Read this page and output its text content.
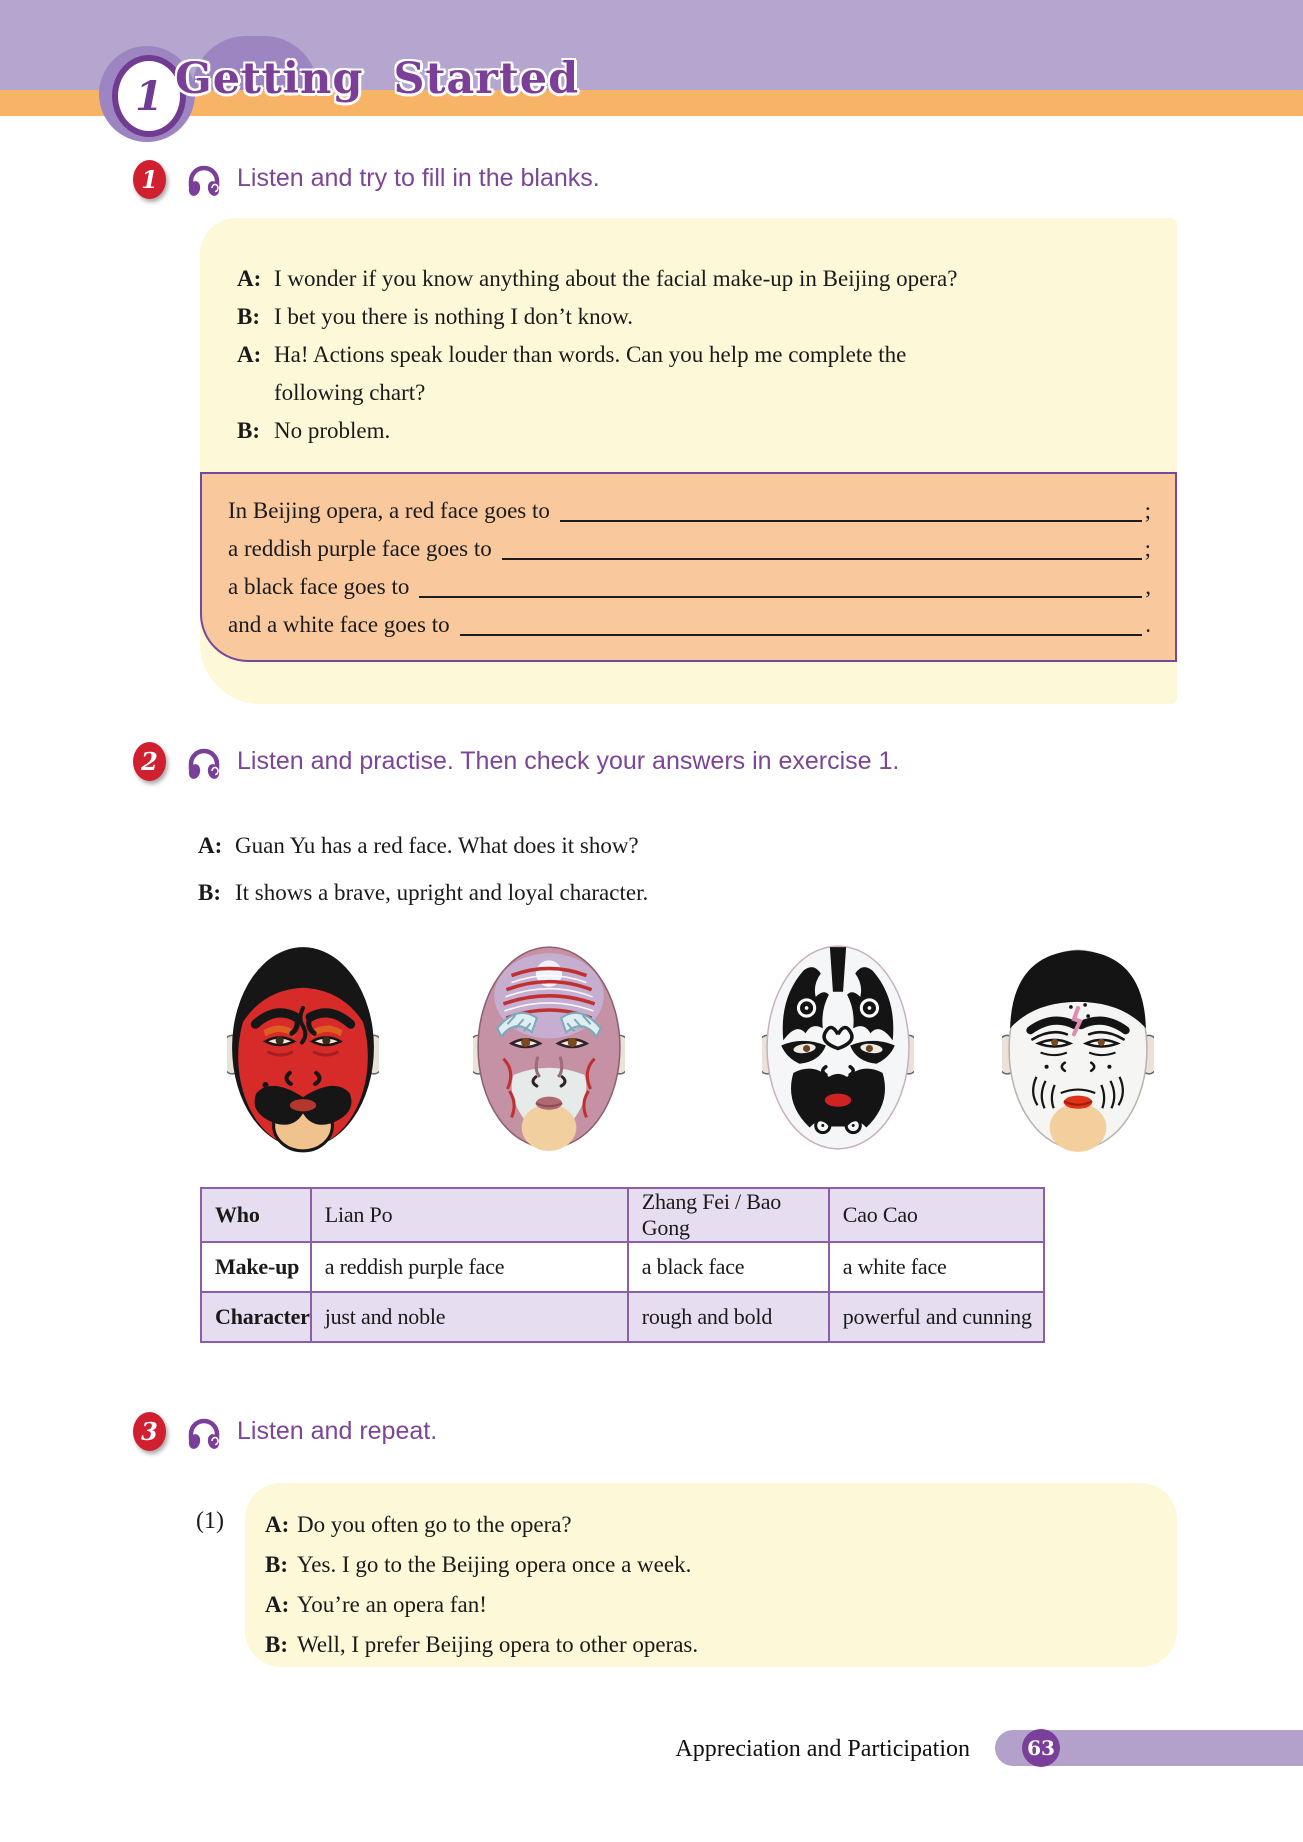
1 Getting Started
1	Listen and try to fill in the blanks.
A: I wonder if you know anything about the facial make-up in Beijing opera?
B: I bet you there is nothing I don’t know.
A: Ha! Actions speak louder than words. Can you help me complete the following chart?
B: No problem.
In Beijing opera, a red face goes to	;
a reddish purple face goes to	;
a black face goes to	,
and a white face goes to	.
2	Listen and practise. Then check your answers in exercise 1.
A: Guan Yu has a red face. What does it show?
B: It shows a brave, upright and loyal character.
Who	Lian Po	Zhang Fei / Bao Gong	Cao Cao
Make-up	a reddish purple face	a black face	a white face
Character	just and noble	rough and bold	powerful and cunning
3	Listen and repeat.
(1) A: Do you often go to the opera?
B: Yes. I go to the Beijing opera once a week.
A: You’re an opera fan!
B: Well, I prefer Beijing opera to other operas.
Appreciation and Participation	63
